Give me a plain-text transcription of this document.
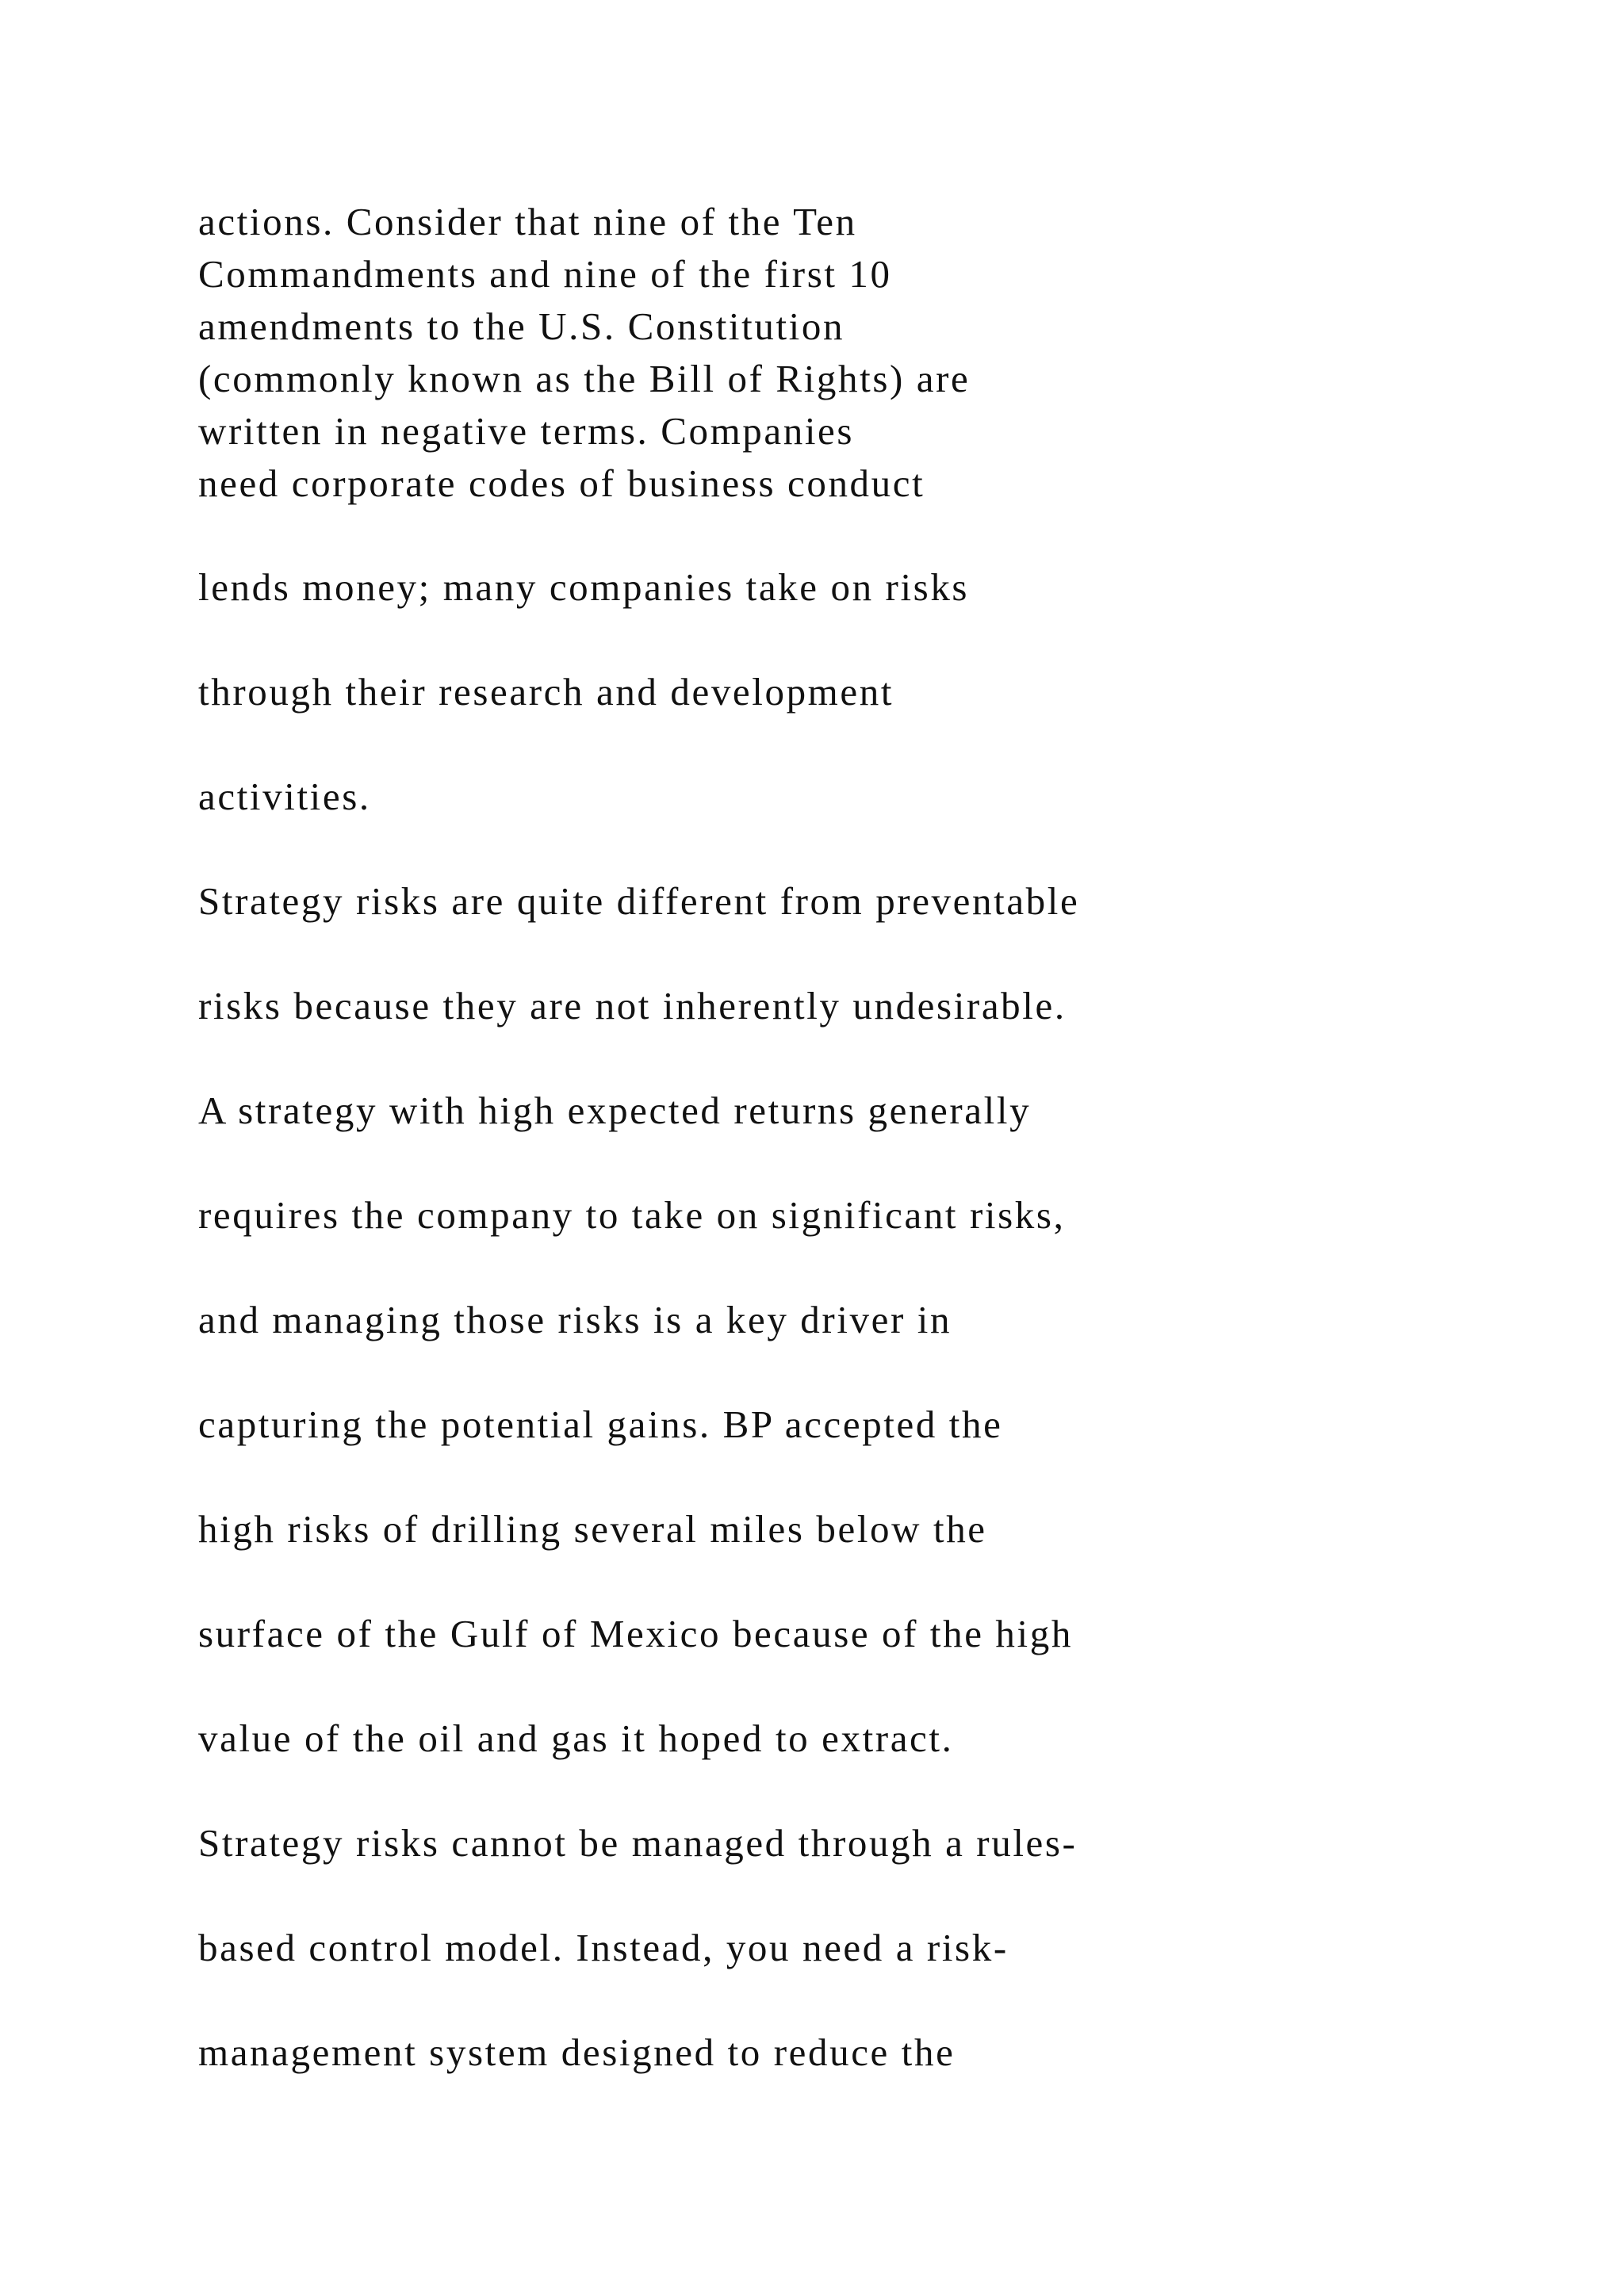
actions. Consider that nine of the Ten

Commandments and nine of the first 10

amendments to the U.S. Constitution

(commonly known as the Bill of Rights) are

written in negative terms. Companies

need corporate codes of business conduct

lends money; many companies take on risks

through their research and development

activities.

Strategy risks are quite different from preventable

risks because they are not inherently undesirable.

A strategy with high expected returns generally

requires the company to take on significant risks,

and managing those risks is a key driver in

capturing the potential gains. BP accepted the

high risks of drilling several miles below the

surface of the Gulf of Mexico because of the high

value of the oil and gas it hoped to extract.

Strategy risks cannot be managed through a rules-

based control model. Instead, you need a risk-

management system designed to reduce the
